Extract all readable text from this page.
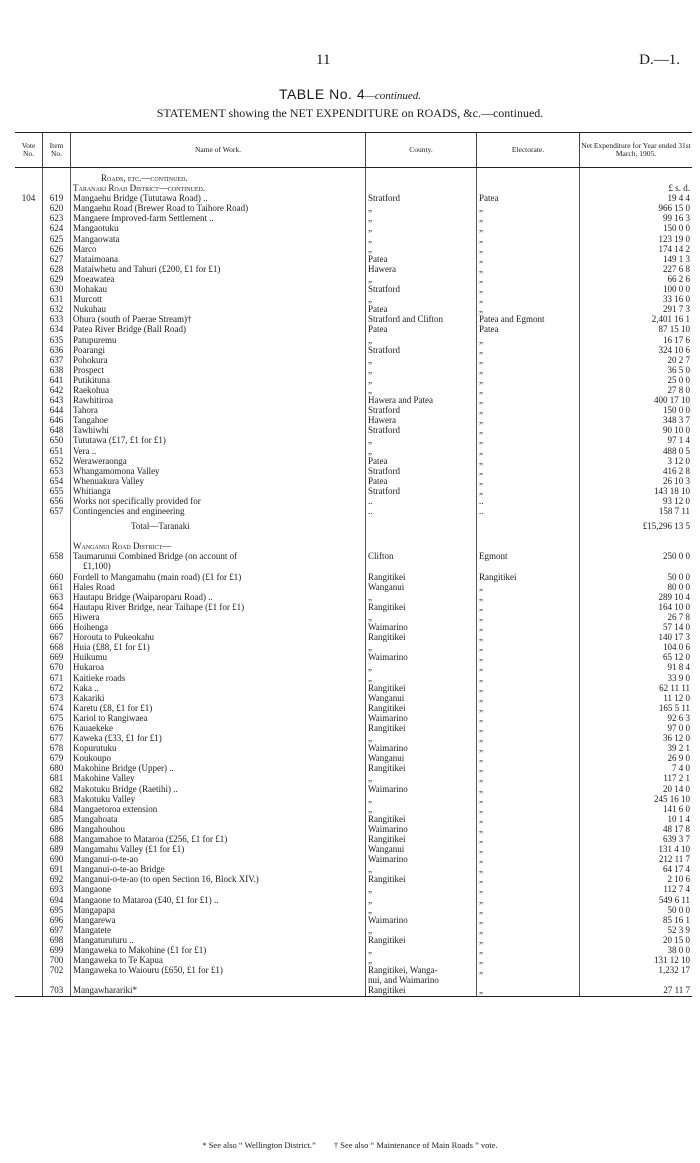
11	D.—1.
TABLE No. 4—continued.
STATEMENT showing the NET EXPENDITURE on ROADS, &c.—continued.
Vote No.	Item No.	Name of Work.	County.	Electorate.	Net Expenditure for Year ended 31st March, 1905.

		Roads, etc.—continued.			
		Taranaki Road District—continued.			£ s. d.
104	619	Mangaehu Bridge (Tututawa Road) ..	Stratford	Patea	19 4 4
	620	Mangaehu Road (Brewer Road to Taihore Road)	„	„	966 15 0
	623	Mangaere Improved-farm Settlement ..	„	„	99 16 3
	624	Mangaotuku	„	„	150 0 0
	625	Mangaowata	„	„	123 19 0
	626	Marco	„	„	174 14 2
	627	Mataimoana	Patea	„	149 1 3
	628	Mataiwhetu and Tahuri (£200, £1 for £1)	Hawera	„	227 6 8
	629	Moeawatea	„	„	66 2 6
	630	Mohakau	Stratford	„	100 0 0
	631	Murcott	„	„	33 16 0
	632	Nukuhau	Patea	„	291 7 3
	633	Ohura (south of Paerae Stream)†	Stratford and Clifton	Patea and Egmont	2,401 16 1
	634	Patea River Bridge (Ball Road)	Patea	Patea	87 15 10
	635	Patupuremu	„	„	16 17 6
	636	Poarangi	Stratford	„	324 10 6
	637	Pohokura	„	„	20 2 7
	638	Prospect	„	„	36 5 0
	641	Putikituna	„	„	25 0 0
	642	Raekohua	„	„	27 8 0
	643	Rawhitiroa	Hawera and Patea	„	400 17 10
	644	Tahora	Stratford	„	150 0 0
	646	Tangahoe	Hawera	„	348 3 7
	648	Tawhiwhi	Stratford	„	90 10 0
	650	Tututawa (£17, £1 for £1)	„	„	97 1 4
	651	Vera ..	„	„	488 0 5
	652	Weraweraonga	Patea	„	3 12 0
	653	Whangamomona Valley	Stratford	„	416 2 8
	654	Whenuakura Valley	Patea	„	26 10 3
	655	Whitianga	Stratford	„	143 18 10
	656	Works not specifically provided for	..	..	93 12 0
	657	Contingencies and engineering	..	..	158 7 11

		Total—Taranaki			£15,296 13 5

		Wanganui Road District—			
	658	Taumarunui Combined Bridge (on account of	Clifton	Egmont	250 0 0
		£1,100)			
	660	Fordell to Mangamahu (main road) (£1 for £1)	Rangitikei	Rangitikei	50 0 0
	661	Hales Road	Wanganui	„	80 0 0
	663	Hautapu Bridge (Waiparoparu Road) ..	„	„	289 10 4
	664	Hautapu River Bridge, near Taihape (£1 for £1)	Rangitikei	„	164 10 0
	665	Hiwera	„	„	26 7 8
	666	Hoihenga	Waimarino	„	57 14 0
	667	Horouta to Pukeokahu	Rangitikei	„	140 17 3
	668	Huia (£88, £1 for £1)	„	„	104 0 6
	669	Huikumu	Waimarino	„	65 12 0
	670	Hukaroa	„	„	91 8 4
	671	Kaitieke roads	„	„	33 9 0
	672	Kaka ..	Rangitikei	„	62 11 11
	673	Kakariki	Wanganui	„	11 12 0
	674	Karetu (£8, £1 for £1)	Rangitikei	„	165 5 11
	675	Kariol to Rangiwaea	Waimarino	„	92 6 3
	676	Kauaekeke	Rangitikei	„	97 0 0
	677	Kaweka (£33, £1 for £1)	„	„	36 12 0
	678	Kopurutuku	Waimarino	„	39 2 1
	679	Koukoupo	Wanganui	„	26 9 0
	680	Makohine Bridge (Upper) ..	Rangitikei	„	7 4 0
	681	Makohine Valley	„	„	117 2 1
	682	Makotuku Bridge (Raetihi) ..	Waimarino	„	20 14 0
	683	Makotuku Valley	„	„	245 16 10
	684	Mangaetoroa extension	„	„	141 6 0
	685	Mangahoata	Rangitikei	„	10 1 4
	686	Mangahouhou	Waimarino	„	48 17 8
	688	Mangamahoe to Mataroa (£256, £1 for £1)	Rangitikei	„	639 3 7
	689	Mangamahu Valley (£1 for £1)	Wanganui	„	131 4 10
	690	Manganui-o-te-ao	Waimarino	„	212 11 7
	691	Manganui-o-te-ao Bridge	„	„	64 17 4
	692	Manganui-o-te-ao (to open Section 16, Block XIV.)	Rangitikei	„	2 10 6
	693	Mangaone	„	„	112 7 4
	694	Mangaone to Mataroa (£40, £1 for £1) ..	„	„	549 6 11
	695	Mangapapa	„	„	50 0 0
	696	Mangarewa	Waimarino	„	85 16 1
	697	Mangatete	„	„	52 3 9
	698	Mangaturuturu ..	Rangitikei	„	20 15 0
	699	Mangaweka to Makohine (£1 for £1)	„	„	38 0 0
	700	Mangaweka to Te Kapua	„	„	131 12 10
	702	Mangaweka to Waiouru (£650, £1 for £1)	Rangitikei, Wanga-	„	1,232 17
			nui, and Waimarino		
	703	Mangawharariki*	Rangitikei	„	27 11 7
* See also “ Wellington District.” † See also “ Maintenance of Main Roads ” vote.
